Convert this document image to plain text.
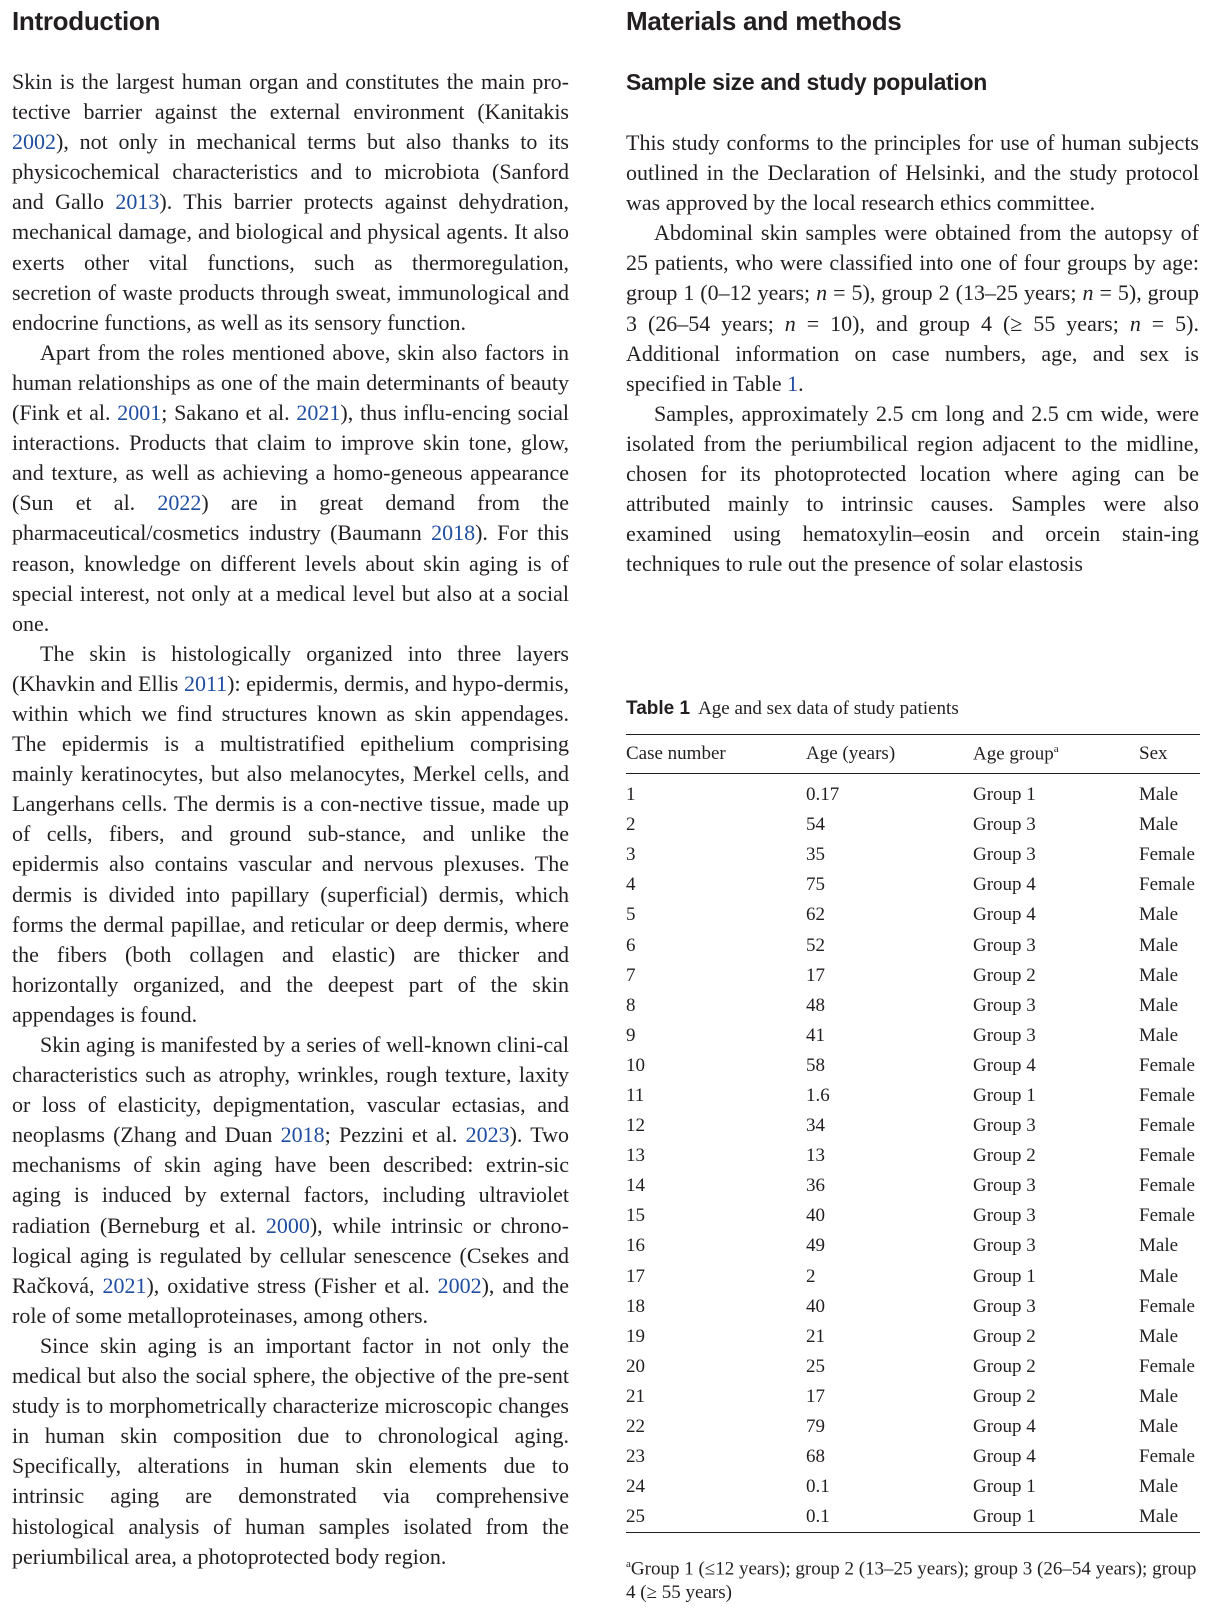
Introduction

Skin is the largest human organ and constitutes the main pro-tective barrier against the external environment (Kanitakis 2002), not only in mechanical terms but also thanks to its physicochemical characteristics and to microbiota (Sanford and Gallo 2013). This barrier protects against dehydration, mechanical damage, and biological and physical agents. It also exerts other vital functions, such as thermoregulation, secretion of waste products through sweat, immunological and endocrine functions, as well as its sensory function.

Apart from the roles mentioned above, skin also factors in human relationships as one of the main determinants of beauty (Fink et al. 2001; Sakano et al. 2021), thus influ-encing social interactions. Products that claim to improve skin tone, glow, and texture, as well as achieving a homo-geneous appearance (Sun et al. 2022) are in great demand from the pharmaceutical/cosmetics industry (Baumann 2018). For this reason, knowledge on different levels about skin aging is of special interest, not only at a medical level but also at a social one.

The skin is histologically organized into three layers (Khavkin and Ellis 2011): epidermis, dermis, and hypo-dermis, within which we find structures known as skin appendages. The epidermis is a multistratified epithelium comprising mainly keratinocytes, but also melanocytes, Merkel cells, and Langerhans cells. The dermis is a con-nective tissue, made up of cells, fibers, and ground sub-stance, and unlike the epidermis also contains vascular and nervous plexuses. The dermis is divided into papillary (superficial) dermis, which forms the dermal papillae, and reticular or deep dermis, where the fibers (both collagen and elastic) are thicker and horizontally organized, and the deepest part of the skin appendages is found.

Skin aging is manifested by a series of well-known clini-cal characteristics such as atrophy, wrinkles, rough texture, laxity or loss of elasticity, depigmentation, vascular ectasias, and neoplasms (Zhang and Duan 2018; Pezzini et al. 2023). Two mechanisms of skin aging have been described: extrin-sic aging is induced by external factors, including ultraviolet radiation (Berneburg et al. 2000), while intrinsic or chrono-logical aging is regulated by cellular senescence (Csekes and Račková, 2021), oxidative stress (Fisher et al. 2002), and the role of some metalloproteinases, among others.

Since skin aging is an important factor in not only the medical but also the social sphere, the objective of the pre-sent study is to morphometrically characterize microscopic changes in human skin composition due to chronological aging. Specifically, alterations in human skin elements due to intrinsic aging are demonstrated via comprehensive histological analysis of human samples isolated from the periumbilical area, a photoprotected body region.

Materials and methods
Sample size and study population

This study conforms to the principles for use of human subjects outlined in the Declaration of Helsinki, and the study protocol was approved by the local research ethics committee.

Abdominal skin samples were obtained from the autopsy of 25 patients, who were classified into one of four groups by age: group 1 (0–12 years; n = 5), group 2 (13–25 years; n = 5), group 3 (26–54 years; n = 10), and group 4 (≥ 55 years; n = 5). Additional information on case numbers, age, and sex is specified in Table 1.

Samples, approximately 2.5 cm long and 2.5 cm wide, were isolated from the periumbilical region adjacent to the midline, chosen for its photoprotected location where aging can be attributed mainly to intrinsic causes. Samples were also examined using hematoxylin–eosin and orcein stain-ing techniques to rule out the presence of solar elastosis

Table 1 Age and sex data of study patients
Case number	Age (years)	Age group$^a$	Sex
1	0.17	Group 1	Male
2	54	Group 3	Male
3	35	Group 3	Female
4	75	Group 4	Female
5	62	Group 4	Male
6	52	Group 3	Male
7	17	Group 2	Male
8	48	Group 3	Male
9	41	Group 3	Male
10	58	Group 4	Female
11	1.6	Group 1	Female
12	34	Group 3	Female
13	13	Group 2	Female
14	36	Group 3	Female
15	40	Group 3	Female
16	49	Group 3	Male
17	2	Group 1	Male
18	40	Group 3	Female
19	21	Group 2	Male
20	25	Group 2	Female
21	17	Group 2	Male
22	79	Group 4	Male
23	68	Group 4	Female
24	0.1	Group 1	Male
25	0.1	Group 1	Male
$^a$Group 1 (≤12 years); group 2 (13–25 years); group 3 (26–54 years); group 4 (≥ 55 years)
